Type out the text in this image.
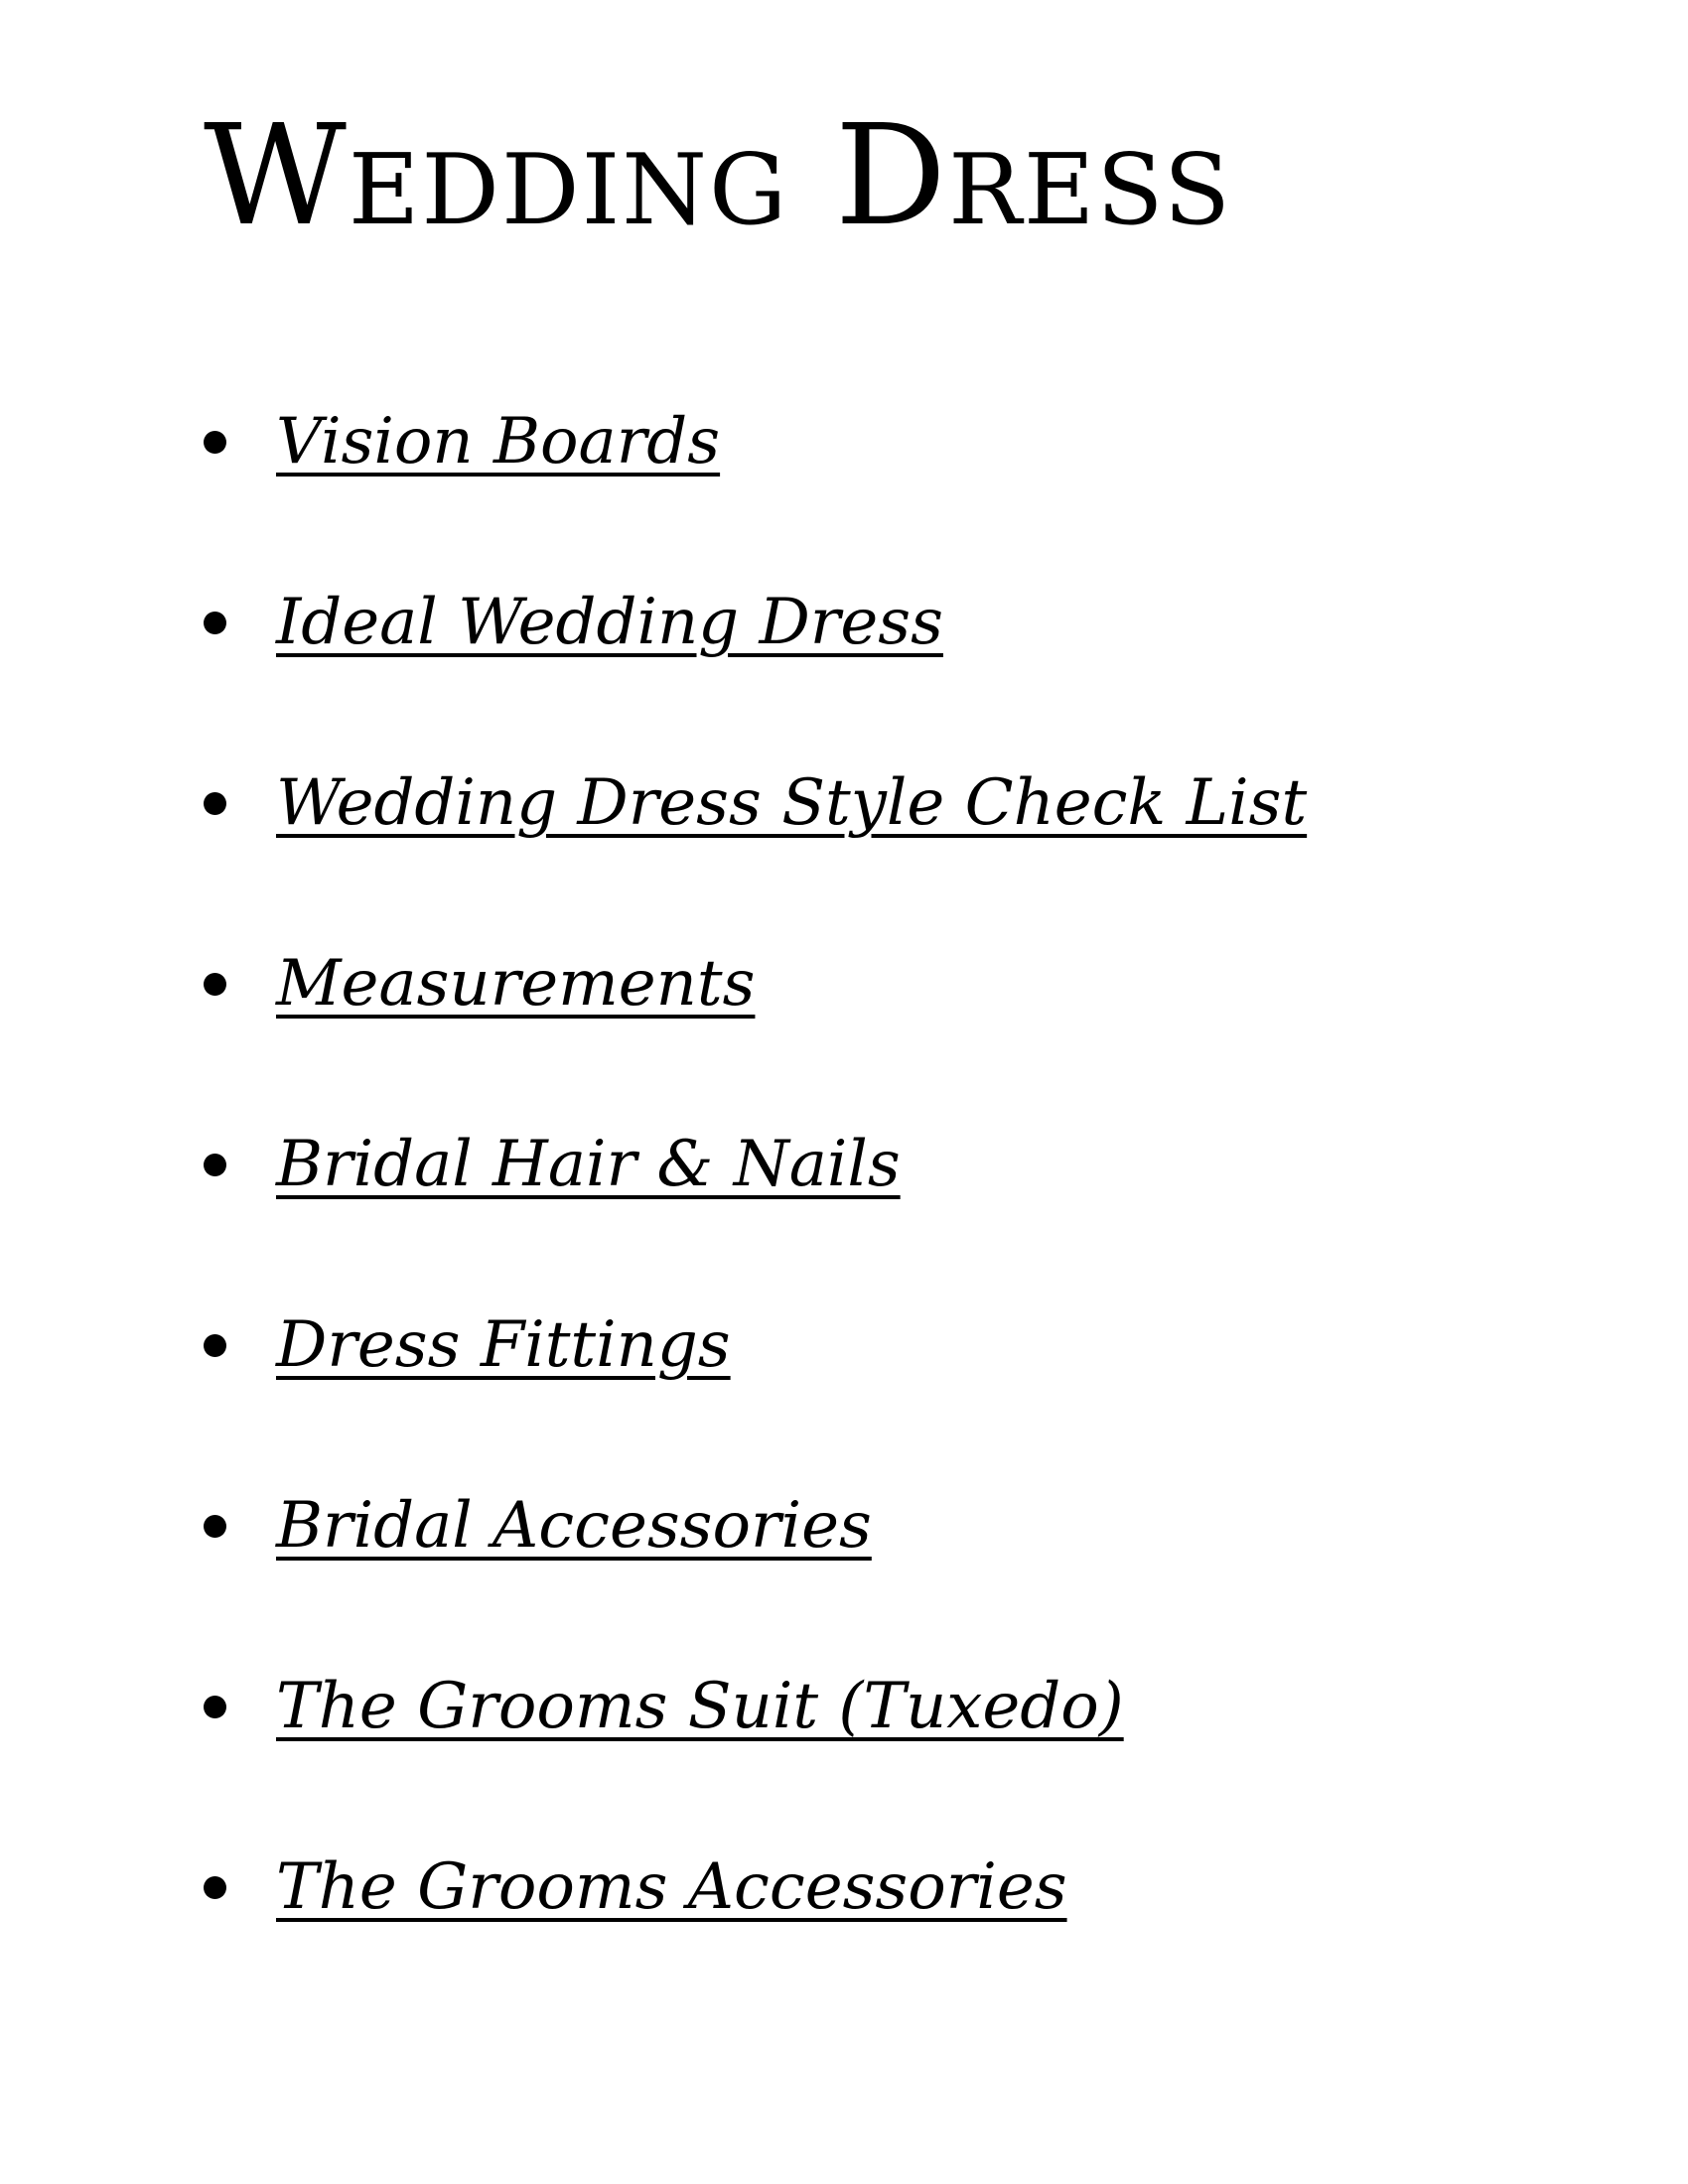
Wedding Dress
Vision Boards
Ideal Wedding Dress
Wedding Dress Style Check List
Measurements
Bridal Hair & Nails
Dress Fittings
Bridal Accessories
The Grooms Suit (Tuxedo)
The Grooms Accessories
